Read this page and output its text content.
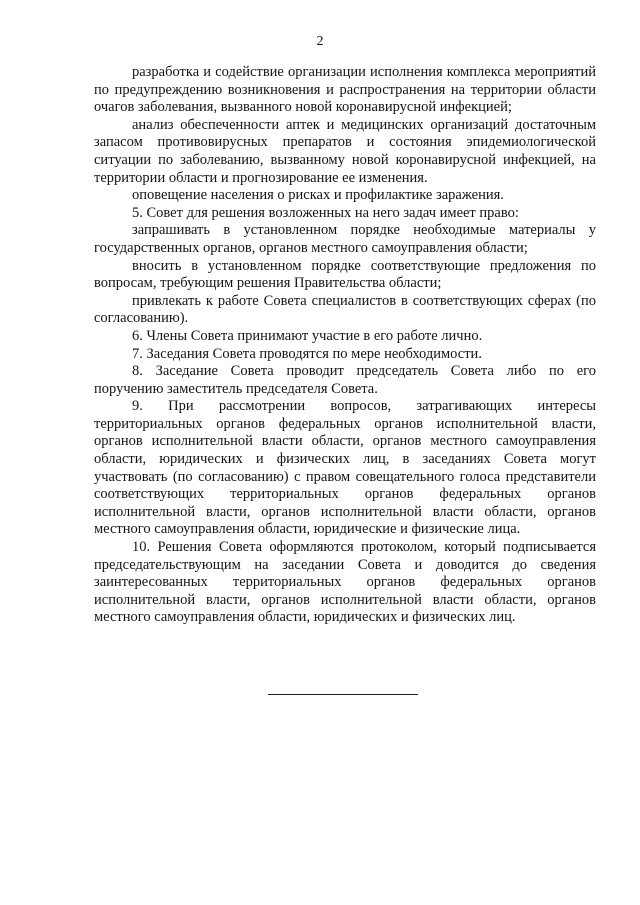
2

разработка и содействие организации исполнения комплекса мероприятий по предупреждению возникновения и распространения на территории области очагов заболевания, вызванного новой коронавирусной инфекцией;

анализ обеспеченности аптек и медицинских организаций достаточным запасом противовирусных препаратов и состояния эпидемиологической ситуации по заболеванию, вызванному новой коронавирусной инфекцией, на территории области и прогнозирование ее изменения.

оповещение населения о рисках и профилактике заражения.

5. Совет для решения возложенных на него задач имеет право:

запрашивать в установленном порядке необходимые материалы у государственных органов, органов местного самоуправления области;

вносить в установленном порядке соответствующие предложения по вопросам, требующим решения Правительства области;

привлекать к работе Совета специалистов в соответствующих сферах (по согласованию).

6. Члены Совета принимают участие в его работе лично.

7. Заседания Совета проводятся по мере необходимости.

8. Заседание Совета проводит председатель Совета либо по его поручению заместитель председателя Совета.

9. При рассмотрении вопросов, затрагивающих интересы территориальных органов федеральных органов исполнительной власти, органов исполнительной власти области, органов местного самоуправления области, юридических и физических лиц, в заседаниях Совета могут участвовать (по согласованию) с правом совещательного голоса представители соответствующих территориальных органов федеральных органов исполнительной власти, органов исполнительной власти области, органов местного самоуправления области, юридические и физические лица.

10. Решения Совета оформляются протоколом, который подписывается председательствующим на заседании Совета и доводится до сведения заинтересованных территориальных органов федеральных органов исполнительной власти, органов исполнительной власти области, органов местного самоуправления области, юридических и физических лиц.
